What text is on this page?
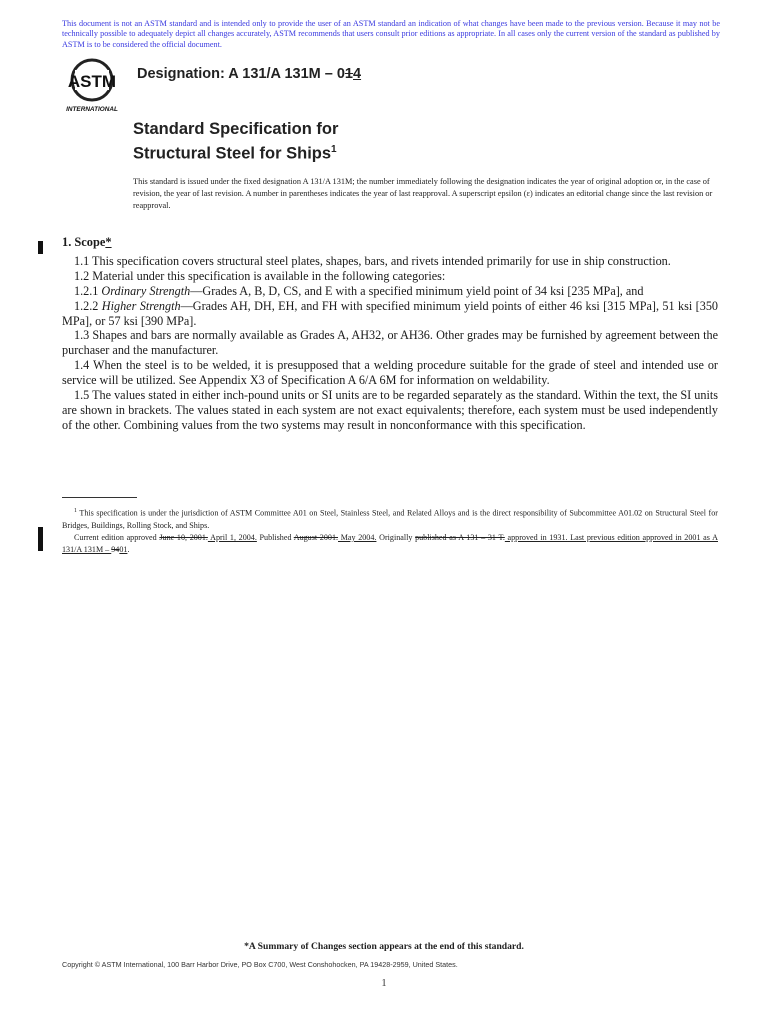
This document is not an ASTM standard and is intended only to provide the user of an ASTM standard an indication of what changes have been made to the previous version. Because it may not be technically possible to adequately depict all changes accurately, ASTM recommends that users consult prior editions as appropriate. In all cases only the current version of the standard as published by ASTM is to be considered the official document.
ASTM
INTERNATIONAL
Designation: A 131/A 131M – 014
Standard Specification for
Structural Steel for Ships$^1$
This standard is issued under the fixed designation A 131/A 131M; the number immediately following the designation indicates the year of original adoption or, in the case of revision, the year of last revision. A number in parentheses indicates the year of last reapproval. A superscript epsilon (ε) indicates an editorial change since the last revision or reapproval.
1. Scope*

1.1 This specification covers structural steel plates, shapes, bars, and rivets intended primarily for use in ship construction.

1.2 Material under this specification is available in the following categories:

1.2.1 Ordinary Strength—Grades A, B, D, CS, and E with a specified minimum yield point of 34 ksi [235 MPa], and

1.2.2 Higher Strength—Grades AH, DH, EH, and FH with specified minimum yield points of either 46 ksi [315 MPa], 51 ksi [350 MPa], or 57 ksi [390 MPa].

1.3 Shapes and bars are normally available as Grades A, AH32, or AH36. Other grades may be furnished by agreement between the purchaser and the manufacturer.

1.4 When the steel is to be welded, it is presupposed that a welding procedure suitable for the grade of steel and intended use or service will be utilized. See Appendix X3 of Specification A 6/A 6M for information on weldability.

1.5 The values stated in either inch-pound units or SI units are to be regarded separately as the standard. Within the text, the SI units are shown in brackets. The values stated in each system are not exact equivalents; therefore, each system must be used independently of the other. Combining values from the two systems may result in nonconformance with this specification.

$^1$ This specification is under the jurisdiction of ASTM Committee A01 on Steel, Stainless Steel, and Related Alloys and is the direct responsibility of Subcommittee A01.02 on Structural Steel for Bridges, Buildings, Rolling Stock, and Ships.

Current edition approved June 10, 2001. April 1, 2004. Published August 2001. May 2004. Originally published as A 131 – 31 T. approved in 1931. Last previous edition approved in 2001 as A 131/A 131M – 9401.

*A Summary of Changes section appears at the end of this standard.
Copyright © ASTM International, 100 Barr Harbor Drive, PO Box C700, West Conshohocken, PA 19428-2959, United States.
1
